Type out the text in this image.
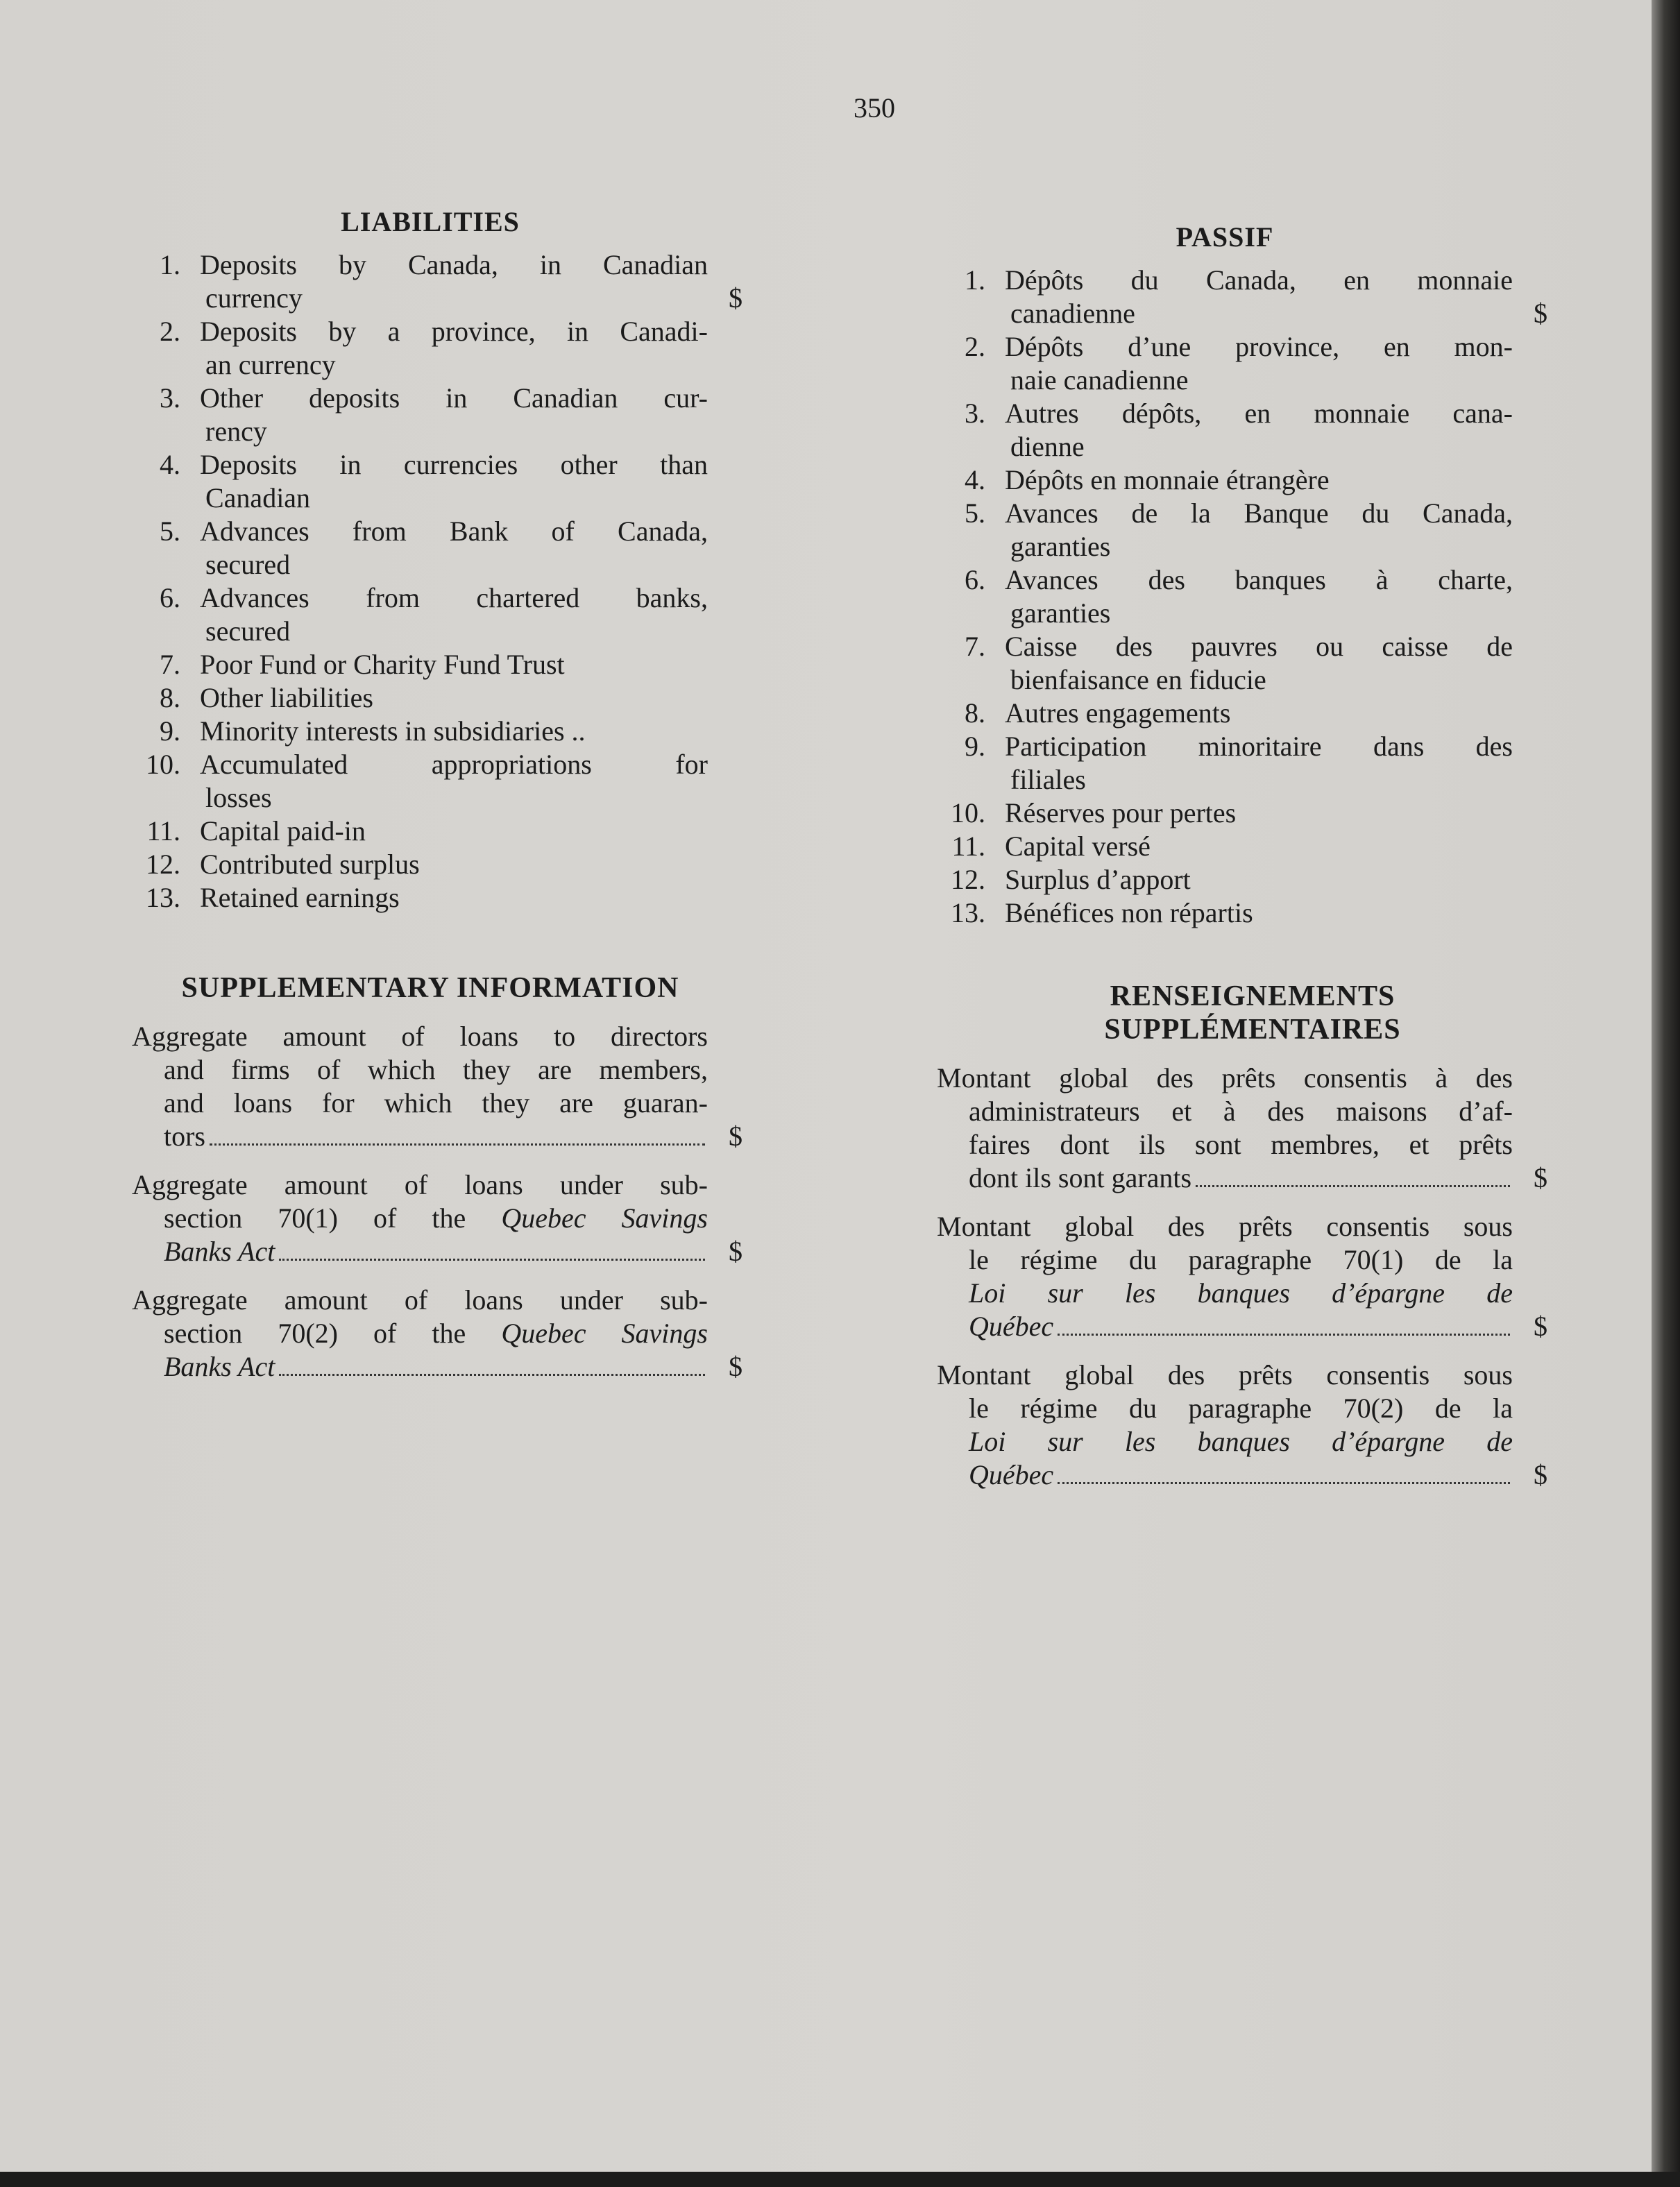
350
LIABILITIES
1. Deposits by Canada, in Canadian
currency	$
2. Deposits by a province, in Canadi-
an currency
3. Other deposits in Canadian cur-
rency
4. Deposits in currencies other than
Canadian
5. Advances from Bank of Canada,
secured
6. Advances from chartered banks,
secured
7. Poor Fund or Charity Fund Trust
8. Other liabilities
9. Minority interests in subsidiaries ..
10. Accumulated appropriations for
losses
11. Capital paid-in
12. Contributed surplus
13. Retained earnings
SUPPLEMENTARY INFORMATION
Aggregate amount of loans to directors
and firms of which they are members,
and loans for which they are guaran-
tors	$
Aggregate amount of loans under sub-
section 70(1) of the Quebec Savings
Banks Act	$
Aggregate amount of loans under sub-
section 70(2) of the Quebec Savings
Banks Act	$
PASSIF
1. Dépôts du Canada, en monnaie
canadienne	$
2. Dépôts d’une province, en mon-
naie canadienne
3. Autres dépôts, en monnaie cana-
dienne
4. Dépôts en monnaie étrangère
5. Avances de la Banque du Canada,
garanties
6. Avances des banques à charte,
garanties
7. Caisse des pauvres ou caisse de
bienfaisance en fiducie
8. Autres engagements
9. Participation minoritaire dans des
filiales
10. Réserves pour pertes
11. Capital versé
12. Surplus d’apport
13. Bénéfices non répartis
RENSEIGNEMENTS SUPPLÉMENTAIRES
Montant global des prêts consentis à des
administrateurs et à des maisons d’af-
faires dont ils sont membres, et prêts
dont ils sont garants	$
Montant global des prêts consentis sous
le régime du paragraphe 70(1) de la
Loi sur les banques d’épargne de
Québec	$
Montant global des prêts consentis sous
le régime du paragraphe 70(2) de la
Loi sur les banques d’épargne de
Québec	$
